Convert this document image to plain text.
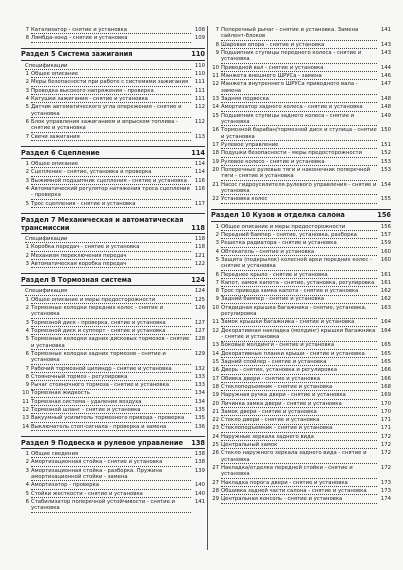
7 Катализатор - снятие и установка	108
8 Лямбда-зонд - снятие и установка	109
Раздел 5 Система зажигания	110
Спецификации	110
1 Общее описание	110
2 Меры безопасности при работе с системами зажигания	111
3 Проводка высокого напряжения - проверка	111
4 Катушки зажигания - снятие и установка	111
5 Датчик автоматического угла опережения - снятие и установка
112
6 Блок управления зажиганием и впрыском топлива - снятие и установка
112
7 Свечи зажигания	113
Раздел 6 Сцепление	114
1 Общее описание	114
2 Сцепление - снятие, установка и проверка	114
3 Выжимной подшипник сцепления - снятие и установка	116
4 Автоматический регулятор натяжения троса сцепления - проверка
116
5 Трос сцепления - снятие и установка	117
Раздел 7 Механическая и автоматическая трансмиссии	118
Спецификации	118
1 Коробка передач - снятие и установка	118
2 Механизм переключения передач	121
3 Автоматическая коробка передач	122
Раздел 8 Тормозная система	124
Спецификация	124
1 Общее описание и меры предосторожности	125
2 Тормозные колодки передних колес - снятие и установка
126
3 Тормозной диск - проверка, снятие и установка	127
4 Тормозной диск и суппорт - снятие и установка	127
5 Тормозные колодки задних дисковых тормозов - снятие и установка
128
6 Тормозные колодки задних тормозов - снятие и установка
129
7 Рабочий тормозной цилиндр - снятие и установка	132
8 Стояночный тормоз - регулировка	133
9 Рычаг стояночного тормоза - снятие и установка	133
10 Тормозная жидкость	134
11 Тормозная система - удаление воздуха	134
12 Тормозной шланг - снятие и установка	135
13 Вакуумный усилитель тормозного привода - проверка	135
14 Выключатель стоп-сигнала - проверка и замена	136
Раздел 9 Подвеска и рулевое управление	138
1 Общие сведения	138
2 Амортизационная стойка - снятие и установка	138
3 Амортизационная стойка - разборка. Пружина амортизационной стойки - замена
139
4 Амортизатор - проверка	140
5 Стойки жесткости - снятие и установка	140
6 Стабилизатор поперечной устойчивости - снятие и установка
141
7 Поперечный рычаг - снятие и установка. Замена сайлент-блоков
141
8 Шаровая опора - снятие и установка	143
9 Подшипник ступицы переднего колеса - снятие и установка
143
10 Приводной вал - снятие и установка	144
11 Манжета внешнего ШРУСа - замена	146
12 Манжета внутреннего ШРУСа приводного вала - замена
147
13 Задняя подвеска	148
14 Амортизатор заднего колеса - снятие и установка	148
15 Подшипник ступицы заднего колеса - снятие и установка
149
16 Тормозной барабан/тормозной диск и ступица - снятие и установка
150
17 Рулевое управление	151
18 Подушки безопасности - меры предосторожности	152
19 Рулевое колесо - снятие и установка	153
20 Поперечные рулевые тяги и наконечник поперечной тяги - снятие и установка
153
21 Насос гидроусилителя рулевого управления - снятие и установка
154
22 Установка колес	155
Раздел 10 Кузов и отделка салона	156
1 Общее описание и меры предосторожности	156
2 Передний бампер - снятие, установка, разборка	157
3 Решетка радиатора - снятие и установка	159
4 Обтекатель - снятие и установка	160
5 Защита (подкрылок) колесной арки передних колес - снятие и установка
160
6 Переднее крыло - снятие и установка	161
7 Капот, замок капота - снятие, установка, регулировка	161
8 Трос привода замка капота - снятие и установка	162
9 Задний бампер - снятие и установка	162
10 Отвдидная крышка багажника - снятие, установка, регулировка
163
11 Замок крышки багажника - снятие и установка	164
12 Декоративная накладка (молдинг) крышки багажника - снятие и установка
164
13 Боковые молдинги - снятие и установка	165
14 Декоративные планки крыши - снятие и установка	165
15 Задний спойлер - снятие и установка	165
16 Дверь - снятие, установка и регулировка	166
17 Обивка двери - снятие и установка	166
18 Стеклоподъемник - снятие и установка	168
19 Наружная ручка двери - снятие и установка	169
20 Личинка замка двери - снятие и установка	170
21 Замок двери - снятие и установка	170
22 Стекло двери - снятие и установка	171
23 Стеклоподъемник - снятие и установка	171
24 Наружные зеркала заднего вида	172
25 Центральный замок	172
26 Стекло наружного зеркала заднего вида - снятие и установка
172
27 Накладка/отделка передней стойки - снятие и установка
172
27 Накладка порога двери - снятие и установка	173
28 Обшивка задней части салона - снятие и установка	173
29 Центральная консоль - снятие и установка	174
